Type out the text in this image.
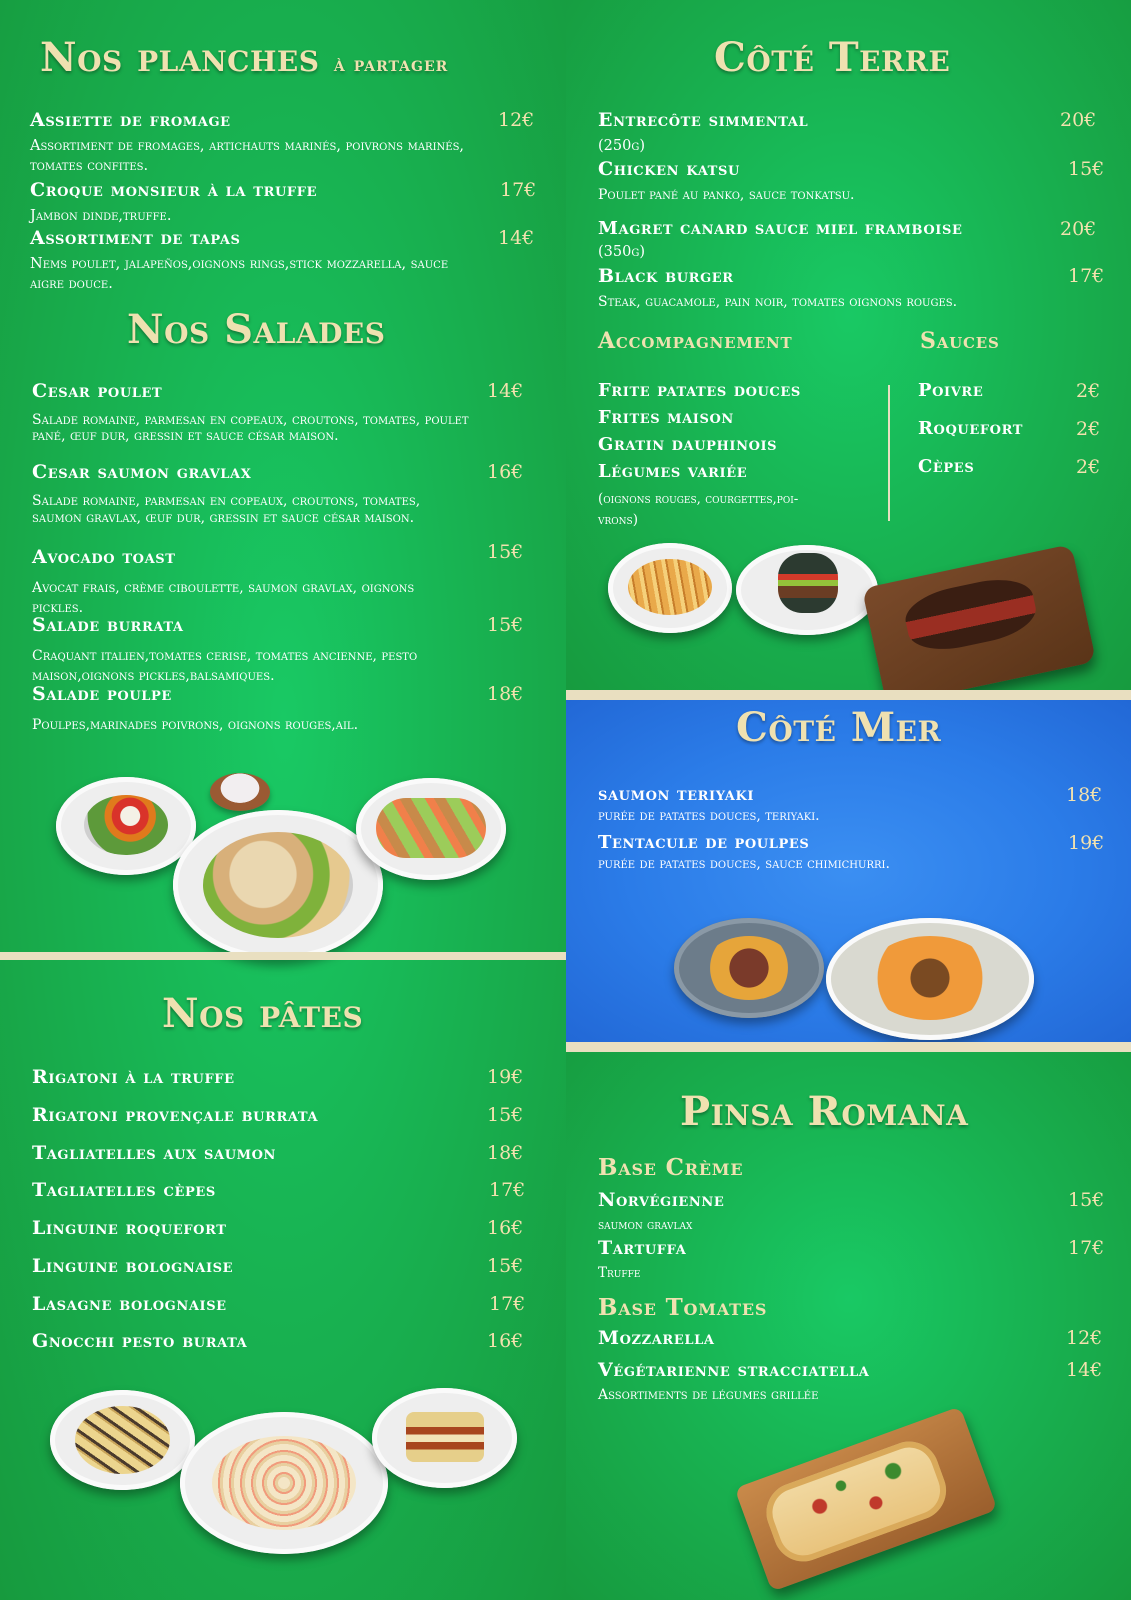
Nos planches à partager
Assiette de fromage	12€
Assortiment de fromages, artichauts marinés, poivrons marinés, tomates confites.
Croque monsieur à la truffe	17€
Jambon dinde,truffe.
Assortiment de tapas	14€
Nems poulet, jalapeños,oignons rings,stick mozzarella, sauce aigre douce.
Nos Salades
Cesar poulet	14€
Salade romaine, parmesan en copeaux, croutons, tomates, poulet pané, œuf dur, gressin et sauce césar maison.
Cesar saumon gravlax	16€
Salade romaine, parmesan en copeaux, croutons, tomates, saumon gravlax, œuf dur, gressin et sauce césar maison.
Avocado toast	15€
Avocat frais, crème ciboulette, saumon gravlax, oignons pickles.
Salade burrata	15€
Craquant italien,tomates cerise, tomates ancienne, pesto maison,oignons pickles,balsamiques.
Salade poulpe	18€
Poulpes,marinades poivrons, oignons rouges,ail.
Nos pâtes
Rigatoni à la truffe	19€
Rigatoni provençale burrata	15€
Tagliatelles aux saumon	18€
Tagliatelles cèpes	17€
Linguine roquefort	16€
Linguine bolognaise	15€
Lasagne bolognaise	17€
Gnocchi pesto burata	16€
Côté Terre
Entrecôte simmental	20€
(250g)
Chicken katsu	15€
Poulet pané au panko, sauce tonkatsu.
Magret canard sauce miel framboise	20€
(350g)
Black burger	17€
Steak, guacamole, pain noir, tomates oignons rouges.
Accompagnement
Frite patates douces
Frites maison
Gratin dauphinois
Légumes variée
(oignons rouges, courgettes,poi-
vrons)
Sauces
Poivre	2€
Roquefort	2€
Cèpes	2€
Côté Mer
saumon teriyaki	18€
purée de patates douces, teriyaki.
Tentacule de poulpes	19€
purée de patates douces, sauce chimichurri.
Pinsa Romana
Base Crème
Norvégienne	15€
saumon gravlax
Tartuffa	17€
Truffe
Base Tomates
Mozzarella	12€
Végétarienne stracciatella	14€
Assortiments de légumes grillée
